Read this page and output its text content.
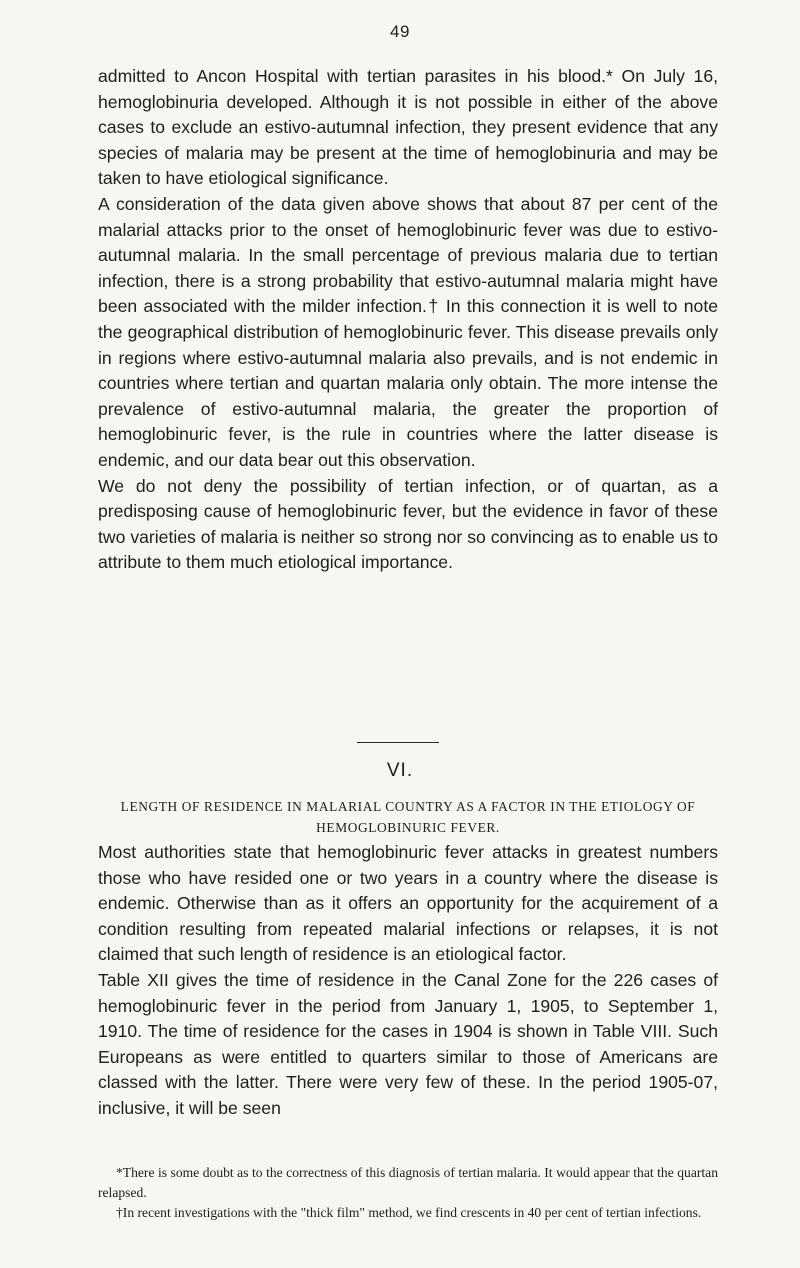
49

admitted to Ancon Hospital with tertian parasites in his blood.* On July 16, hemoglobinuria developed. Although it is not possible in either of the above cases to exclude an estivo-autumnal infection, they present evidence that any species of malaria may be present at the time of hemoglobinuria and may be taken to have etiological significance.

A consideration of the data given above shows that about 87 per cent of the malarial attacks prior to the onset of hemoglobinuric fever was due to estivo-autumnal malaria. In the small percentage of previous malaria due to tertian infection, there is a strong probability that estivo-autumnal malaria might have been associated with the milder infection.† In this connection it is well to note the geographical distribution of hemoglobinuric fever. This disease prevails only in regions where estivo-autumnal malaria also prevails, and is not endemic in countries where tertian and quartan malaria only obtain. The more intense the prevalence of estivo-autumnal malaria, the greater the proportion of hemoglobinuric fever, is the rule in countries where the latter disease is endemic, and our data bear out this observation.

We do not deny the possibility of tertian infection, or of quartan, as a predisposing cause of hemoglobinuric fever, but the evidence in favor of these two varieties of malaria is neither so strong nor so convincing as to enable us to attribute to them much etiological importance.

VI.
LENGTH OF RESIDENCE IN MALARIAL COUNTRY AS A FACTOR IN THE ETIOLOGY OF HEMOGLOBINURIC FEVER.

Most authorities state that hemoglobinuric fever attacks in greatest numbers those who have resided one or two years in a country where the disease is endemic. Otherwise than as it offers an opportunity for the acquirement of a condition resulting from repeated malarial infections or relapses, it is not claimed that such length of residence is an etiological factor.

Table XII gives the time of residence in the Canal Zone for the 226 cases of hemoglobinuric fever in the period from January 1, 1905, to September 1, 1910. The time of residence for the cases in 1904 is shown in Table VIII. Such Europeans as were entitled to quarters similar to those of Americans are classed with the latter. There were very few of these. In the period 1905-07, inclusive, it will be seen

*There is some doubt as to the correctness of this diagnosis of tertian malaria. It would appear that the quartan relapsed.

†In recent investigations with the "thick film" method, we find crescents in 40 per cent of tertian infections.
